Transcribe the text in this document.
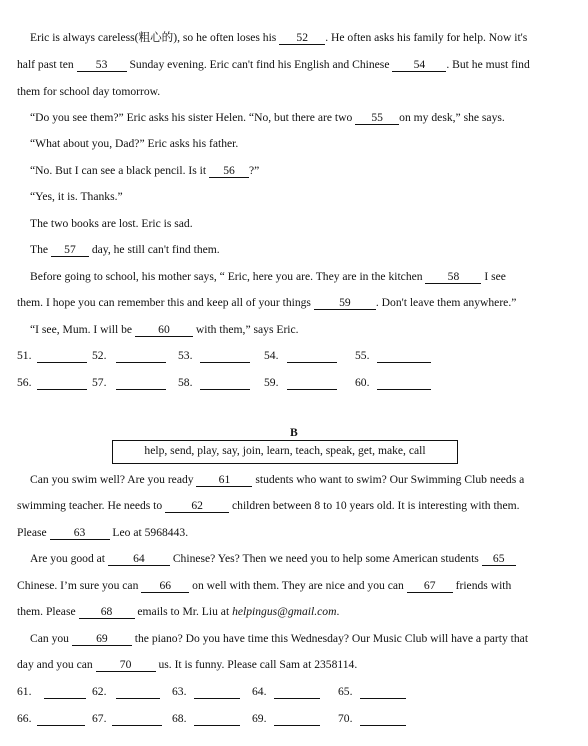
Eric is always careless(粗心的), so he often loses his 52 . He often asks his family for help. Now it's
half past ten 53 Sunday evening. Eric can't find his English and Chinese 54 . But he must find
them for school day tomorrow.
“Do you see them?” Eric asks his sister Helen. “No, but there are two 55 on my desk,” she says.
“What about you, Dad?” Eric asks his father.
“No. But I can see a black pencil. Is it 56 ?”
“Yes, it is. Thanks.”
The two books are lost. Eric is sad.
The 57 day, he still can't find them.
Before going to school, his mother says, “ Eric, here you are. They are in the kitchen 58 I see
them. I hope you can remember this and keep all of your things 59 . Don't leave them anywhere.”
“I see, Mum. I will be 60 with them,” says Eric.
51.	52.	53.	54.	55.
56.	57.	58.	59.	60.
B
help, send, play, say, join, learn, teach, speak, get, make, call
Can you swim well? Are you ready 61 students who want to swim? Our Swimming Club needs a
swimming teacher. He needs to 62 children between 8 to 10 years old. It is interesting with them.
Please 63 Leo at 5968443.
Are you good at 64 Chinese? Yes? Then we need you to help some American students 65
Chinese. I’m sure you can 66 on well with them. They are nice and you can 67 friends with
them. Please 68 emails to Mr. Liu at helpingus@gmail.com.
Can you 69 the piano? Do you have time this Wednesday? Our Music Club will have a party that
day and you can 70 us. It is funny. Please call Sam at 2358114.
61.	62.	63.	64.	65.
66.	67.	68.	69.	70.
